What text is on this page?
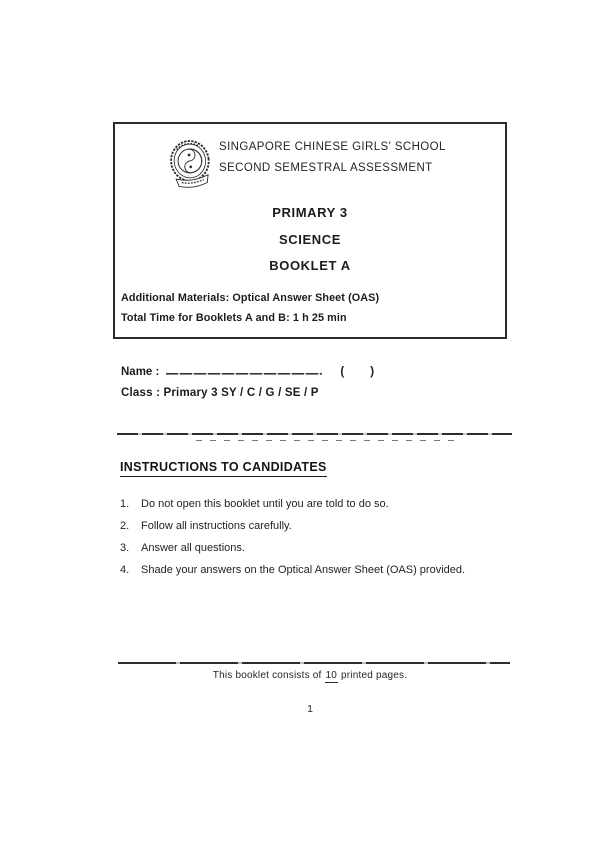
SINGAPORE CHINESE GIRLS' SCHOOL
SECOND SEMESTRAL ASSESSMENT
PRIMARY 3
SCIENCE
BOOKLET A
Additional Materials: Optical Answer Sheet (OAS)
Total Time for Booklets A and B: 1 h 25 min
Name :	( )
Class : Primary 3 SY / C / G / SE / P
INSTRUCTIONS TO CANDIDATES
1.	Do not open this booklet until you are told to do so.
2.	Follow all instructions carefully.
3.	Answer all questions.
4.	Shade your answers on the Optical Answer Sheet (OAS) provided.
This booklet consists of 10 printed pages.
1
